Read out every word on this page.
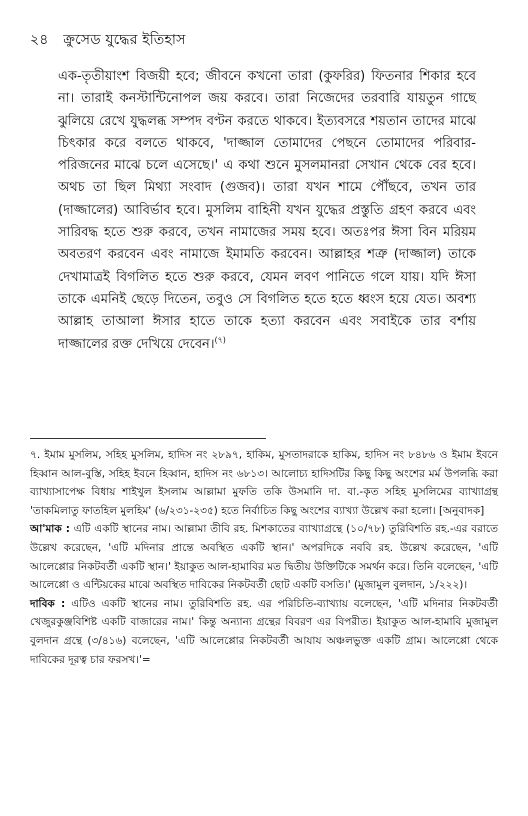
২৪ ক্রুসেড যুদ্ধের ইতিহাস

এক-তৃতীয়াংশ বিজয়ী হবে; জীবনে কখনো তারা (কুফরির) ফিতনার শিকার হবে না। তারাই কনস্টান্টিনোপল জয় করবে। তারা নিজেদের তরবারি যায়তুন গাছে ঝুলিয়ে রেখে যুদ্ধলব্ধ সম্পদ বণ্টন করতে থাকবে। ইত্যবসরে শয়তান তাদের মাঝে চিৎকার করে বলতে থাকবে, 'দাজ্জাল তোমাদের পেছনে তোমাদের পরিবার-পরিজনের মাঝে চলে এসেছে।' এ কথা শুনে মুসলমানরা সেখান থেকে বের হবে। অথচ তা ছিল মিথ্যা সংবাদ (গুজব)। তারা যখন শামে পৌঁছবে, তখন তার (দাজ্জালের) আবির্ভাব হবে। মুসলিম বাহিনী যখন যুদ্ধের প্রস্তুতি গ্রহণ করবে এবং সারিবদ্ধ হতে শুরু করবে, তখন নামাজের সময় হবে। অতঃপর ঈসা বিন মরিয়ম অবতরণ করবেন এবং নামাজে ইমামতি করবেন। আল্লাহর শত্রু (দাজ্জাল) তাকে দেখামাত্রই বিগলিত হতে শুরু করবে, যেমন লবণ পানিতে গলে যায়। যদি ঈসা তাকে এমনিই ছেড়ে দিতেন, তবুও সে বিগলিত হতে হতে ধ্বংস হয়ে যেত। অবশ্য আল্লাহ তাআলা ঈসার হাতে তাকে হত্যা করবেন এবং সবাইকে তার বর্শায় দাজ্জালের রক্ত দেখিয়ে দেবেন।$^{(৭)}$

৭. ইমাম মুসলিম, সহিহ মুসলিম, হাদিস নং ২৮৯৭, হাকিম, মুসতাদরাকে হাকিম, হাদিস নং ৮৪৮৬ ও ইমাম ইবনে হিব্বান আল-বুস্তি, সহিহ ইবনে হিব্বান, হাদিস নং ৬৮১৩। আলোচ্য হাদিসটির কিছু কিছু অংশের মর্ম উপলব্ধি করা ব্যাখ্যাসাপেক্ষ বিধায় শাইখুল ইসলাম আল্লামা মুফতি তকি উসমানি দা. বা.-কৃত সহিহ মুসলিমের ব্যাখ্যাগ্রন্থ 'তাকমিলাতু ফাতহিল মুলহিম' (৬/২৩১-২৩৫) হতে নির্বাচিত কিছু অংশের ব্যাখ্যা উল্লেখ করা হলো। [অনুবাদক]

আ'মাক : এটি একটি স্থানের নাম। আল্লামা তীবি রহ. মিশকাতের ব্যাখ্যাগ্রন্থে (১০/৭৮) তুরিবিশতি রহ.-এর বরাতে উল্লেখ করেছেন, 'এটি মদিনার প্রান্তে অবস্থিত একটি স্থান।' অপরদিকে নববি রহ. উল্লেখ করেছেন, 'এটি আলেপ্পোর নিকটবর্তী একটি স্থান।' ইয়াকুত আল-হামাবির মত দ্বিতীয় উক্তিটিকে সমর্থন করে। তিনি বলেছেন, 'এটি আলেপ্পো ও এন্টিয়কের মাঝে অবস্থিত দাবিকের নিকটবর্তী ছোট একটি বসতি।' (মুজামুল বুলদান, ১/২২২)।

দাবিক : এটিও একটি স্থানের নাম। তুরিবিশতি রহ. এর পরিচিতি-ব্যাখ্যায় বলেছেন, 'এটি মদিনার নিকটবর্তী খেজুরকুঞ্জবিশিষ্ট একটি বাজারের নাম।' কিন্তু অন্যান্য গ্রন্থের বিবরণ এর বিপরীত। ইয়াকুত আল-হামাবি মুজামুল বুলদান গ্রন্থে (৩/৪১৬) বলেছেন, 'এটি আলেপ্পোর নিকটবর্তী আযায অঞ্চলভুক্ত একটি গ্রাম। আলেপ্পো থেকে দাবিকের দূরত্ব চার ফরসখ।'=
